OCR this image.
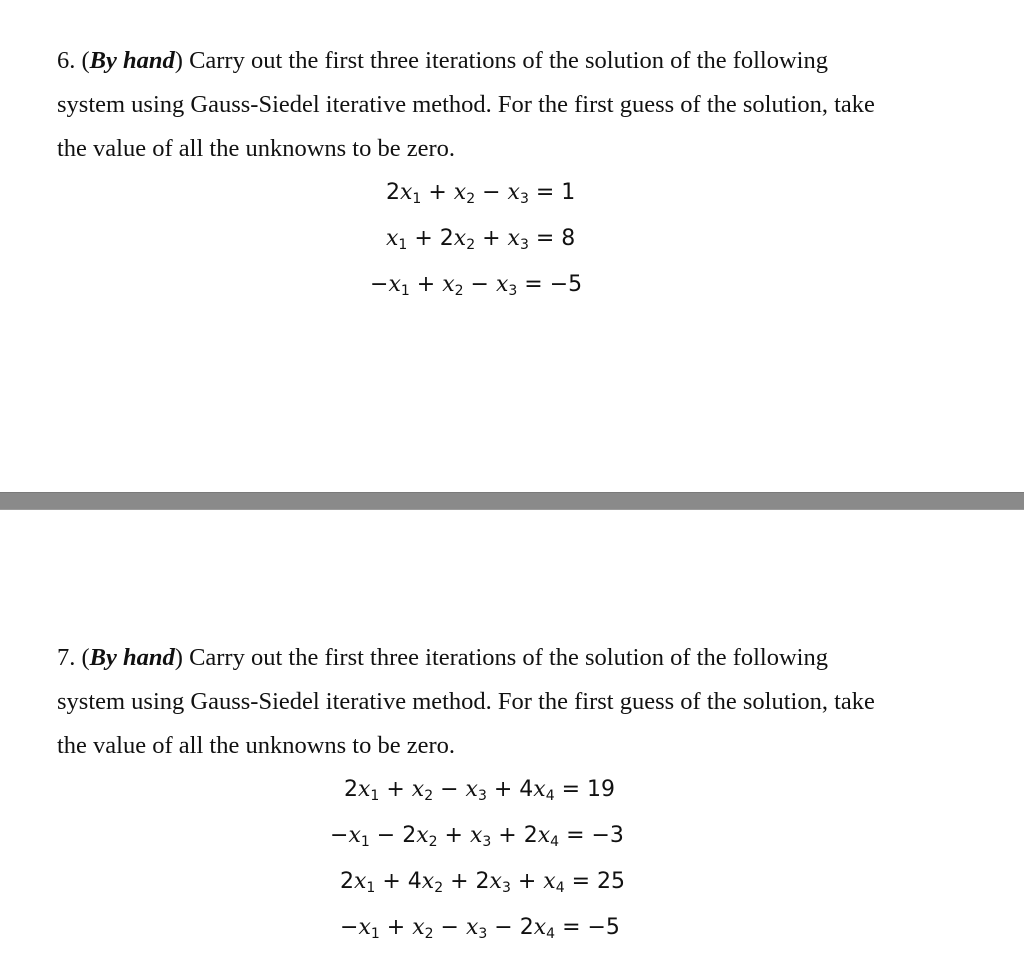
6. (By hand) Carry out the first three iterations of the solution of the following
system using Gauss-Siedel iterative method. For the first guess of the solution, take
the value of all the unknowns to be zero.

$2x_1 + x_2 - x_3 = 1$
$x_1 + 2x_2 + x_3 = 8$
$-x_1 + x_2 - x_3 = -5$

7. (By hand) Carry out the first three iterations of the solution of the following
system using Gauss-Siedel iterative method. For the first guess of the solution, take
the value of all the unknowns to be zero.

$2x_1 + x_2 - x_3 + 4x_4 = 19$
$-x_1 - 2x_2 + x_3 + 2x_4 = -3$
$2x_1 + 4x_2 + 2x_3 + x_4 = 25$
$-x_1 + x_2 - x_3 - 2x_4 = -5$
